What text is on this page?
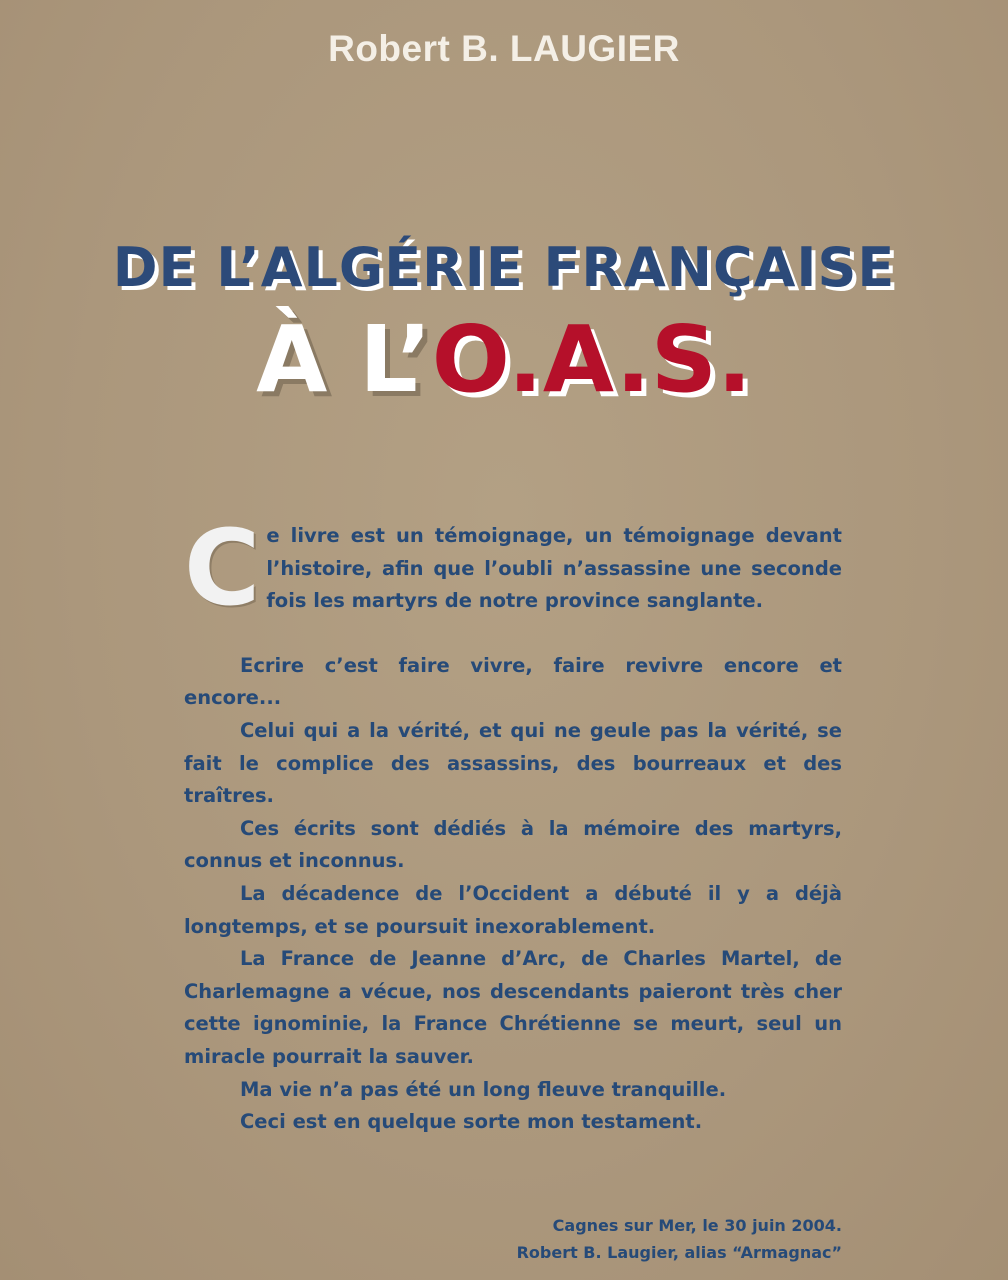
Robert B. LAUGIER
DE L’ALGÉRIE FRANÇAISE
À L’O.A.S.

Ce livre est un témoignage, un témoignage devant l’histoire, afin que l’oubli n’assassine une seconde fois les martyrs de notre province sanglante.

Ecrire c’est faire vivre, faire revivre encore et encore...

Celui qui a la vérité, et qui ne geule pas la vérité, se fait le complice des assassins, des bourreaux et des traîtres.

Ces écrits sont dédiés à la mémoire des martyrs, connus et inconnus.

La décadence de l’Occident a débuté il y a déjà longtemps, et se poursuit inexorablement.

La France de Jeanne d’Arc, de Charles Martel, de Charlemagne a vécue, nos descendants paieront très cher cette ignominie, la France Chrétienne se meurt, seul un miracle pourrait la sauver.

Ma vie n’a pas été un long fleuve tranquille.

Ceci est en quelque sorte mon testament.

Cagnes sur Mer, le 30 juin 2004.
Robert B. Laugier, alias “Armagnac”
